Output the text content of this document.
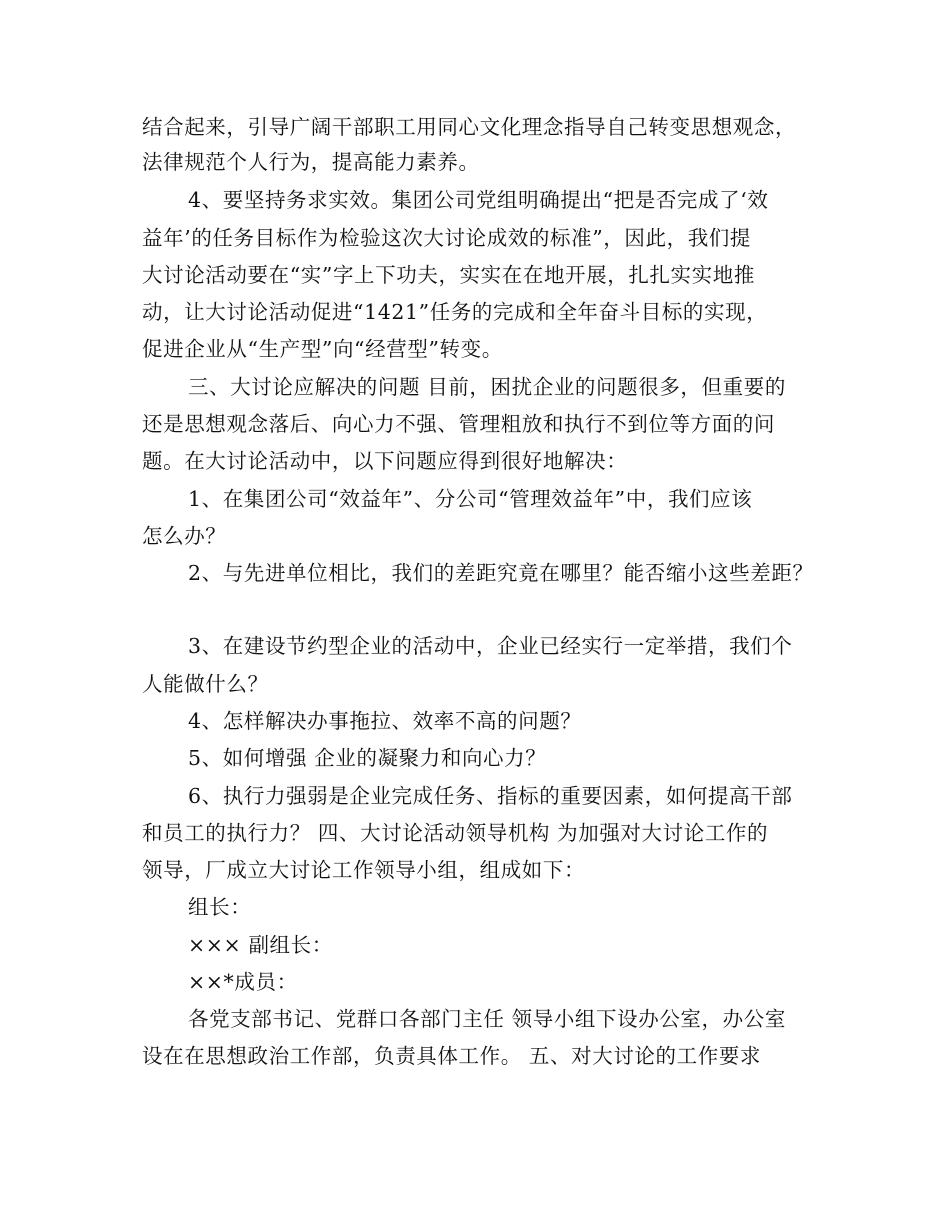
结合起来，引导广阔干部职工用同心文化理念指导自己转变思想观念，
法律规范个人行为，提高能力素养。
4、要坚持务求实效。集团公司党组明确提出“把是否完成了‘效
益年’的任务目标作为检验这次大讨论成效的标准”，因此，我们提
大讨论活动要在“实”字上下功夫，实实在在地开展，扎扎实实地推
动，让大讨论活动促进“1421”任务的完成和全年奋斗目标的实现，
促进企业从“生产型”向“经营型”转变。
三、大讨论应解决的问题 目前，困扰企业的问题很多，但重要的
还是思想观念落后、向心力不强、管理粗放和执行不到位等方面的问
题。在大讨论活动中，以下问题应得到很好地解决：
1、在集团公司“效益年”、分公司“管理效益年”中，我们应该
怎么办？
2、与先进单位相比，我们的差距究竟在哪里？能否缩小这些差距？
3、在建设节约型企业的活动中，企业已经实行一定举措，我们个
人能做什么？
4、怎样解决办事拖拉、效率不高的问题？
5、如何增强 企业的凝聚力和向心力？
6、执行力强弱是企业完成任务、指标的重要因素，如何提高干部
和员工的执行力？ 四、大讨论活动领导机构 为加强对大讨论工作的
领导，厂成立大讨论工作领导小组，组成如下：
组长：
××× 副组长：
××*成员：
各党支部书记、党群口各部门主任 领导小组下设办公室，办公室
设在在思想政治工作部，负责具体工作。 五、对大讨论的工作要求
